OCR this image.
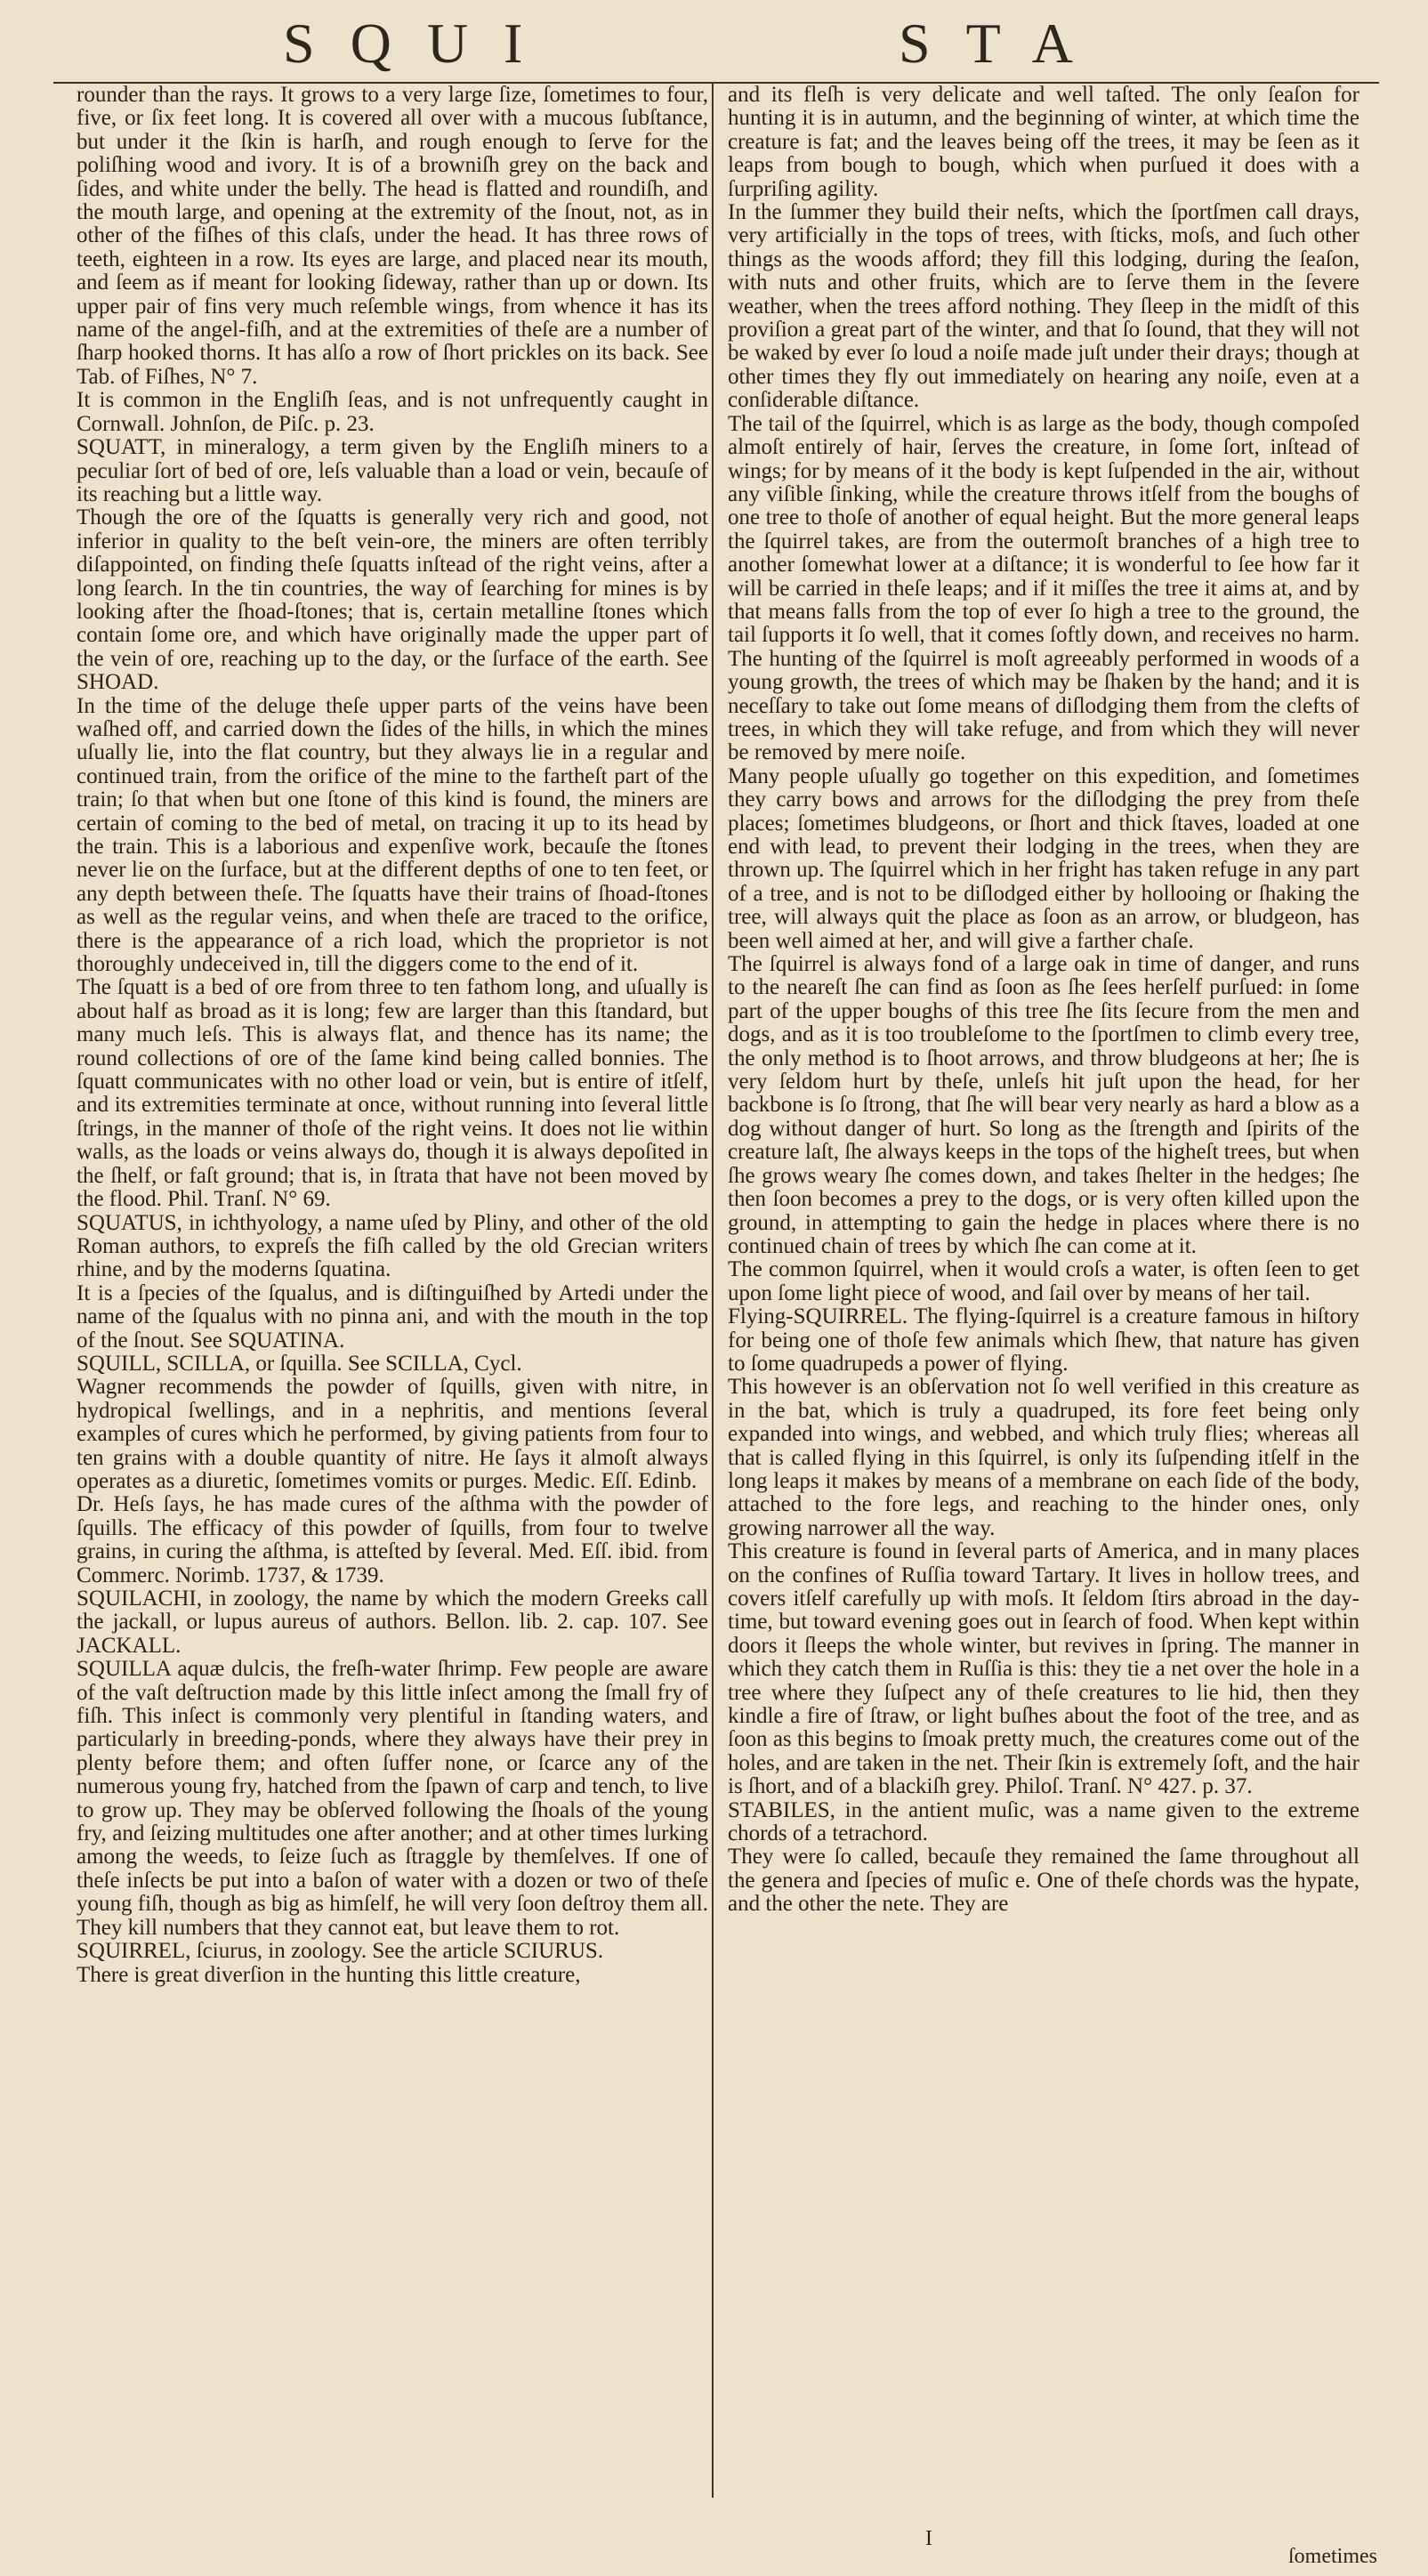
SQUI	STA

rounder than the rays. It grows to a very large ſize, ſometimes to four, five, or ſix feet long. It is covered all over with a mucous ſubſtance, but under it the ſkin is harſh, and rough enough to ſerve for the poliſhing wood and ivory. It is of a browniſh grey on the back and ſides, and white under the belly. The head is flatted and roundiſh, and the mouth large, and opening at the extremity of the ſnout, not, as in other of the fiſhes of this claſs, under the head. It has three rows of teeth, eighteen in a row. Its eyes are large, and placed near its mouth, and ſeem as if meant for looking ſideway, rather than up or down. Its upper pair of fins very much reſemble wings, from whence it has its name of the angel-fiſh, and at the extremities of theſe are a number of ſharp hooked thorns. It has alſo a row of ſhort prickles on its back. See Tab. of Fiſhes, N° 7.

It is common in the Engliſh ſeas, and is not unfrequently caught in Cornwall. Johnſon, de Piſc. p. 23.

SQUATT, in mineralogy, a term given by the Engliſh miners to a peculiar ſort of bed of ore, leſs valuable than a load or vein, becauſe of its reaching but a little way.

Though the ore of the ſquatts is generally very rich and good, not inferior in quality to the beſt vein-ore, the miners are often terribly diſappointed, on finding theſe ſquatts inſtead of the right veins, after a long ſearch. In the tin countries, the way of ſearching for mines is by looking after the ſhoad-ſtones; that is, certain metalline ſtones which contain ſome ore, and which have originally made the upper part of the vein of ore, reaching up to the day, or the ſurface of the earth. See SHOAD.

In the time of the deluge theſe upper parts of the veins have been waſhed off, and carried down the ſides of the hills, in which the mines uſually lie, into the flat country, but they always lie in a regular and continued train, from the orifice of the mine to the fartheſt part of the train; ſo that when but one ſtone of this kind is found, the miners are certain of coming to the bed of metal, on tracing it up to its head by the train. This is a laborious and expenſive work, becauſe the ſtones never lie on the ſurface, but at the different depths of one to ten feet, or any depth between theſe. The ſquatts have their trains of ſhoad-ſtones as well as the regular veins, and when theſe are traced to the orifice, there is the appearance of a rich load, which the proprietor is not thoroughly undeceived in, till the diggers come to the end of it.

The ſquatt is a bed of ore from three to ten fathom long, and uſually is about half as broad as it is long; few are larger than this ſtandard, but many much leſs. This is always flat, and thence has its name; the round collections of ore of the ſame kind being called bonnies. The ſquatt communicates with no other load or vein, but is entire of itſelf, and its extremities terminate at once, without running into ſeveral little ſtrings, in the manner of thoſe of the right veins. It does not lie within walls, as the loads or veins always do, though it is always depoſited in the ſhelf, or faſt ground; that is, in ſtrata that have not been moved by the flood. Phil. Tranſ. N° 69.

SQUATUS, in ichthyology, a name uſed by Pliny, and other of the old Roman authors, to expreſs the fiſh called by the old Grecian writers rhine, and by the moderns ſquatina.

It is a ſpecies of the ſqualus, and is diſtinguiſhed by Artedi under the name of the ſqualus with no pinna ani, and with the mouth in the top of the ſnout. See SQUATINA.

SQUILL, SCILLA, or ſquilla. See SCILLA, Cycl.

Wagner recommends the powder of ſquills, given with nitre, in hydropical ſwellings, and in a nephritis, and mentions ſeveral examples of cures which he performed, by giving patients from four to ten grains with a double quantity of nitre. He ſays it almoſt always operates as a diuretic, ſometimes vomits or purges. Medic. Eſſ. Edinb.

Dr. Heſs ſays, he has made cures of the aſthma with the powder of ſquills. The efficacy of this powder of ſquills, from four to twelve grains, in curing the aſthma, is atteſted by ſeveral. Med. Eſſ. ibid. from Commerc. Norimb. 1737, & 1739.

SQUILACHI, in zoology, the name by which the modern Greeks call the jackall, or lupus aureus of authors. Bellon. lib. 2. cap. 107. See JACKALL.

SQUILLA aquæ dulcis, the freſh-water ſhrimp. Few people are aware of the vaſt deſtruction made by this little inſect among the ſmall fry of fiſh. This inſect is commonly very plentiful in ſtanding waters, and particularly in breeding-ponds, where they always have their prey in plenty before them; and often ſuffer none, or ſcarce any of the numerous young fry, hatched from the ſpawn of carp and tench, to live to grow up. They may be obſerved following the ſhoals of the young fry, and ſeizing multitudes one after another; and at other times lurking among the weeds, to ſeize ſuch as ſtraggle by themſelves. If one of theſe inſects be put into a baſon of water with a dozen or two of theſe young fiſh, though as big as himſelf, he will very ſoon deſtroy them all. They kill numbers that they cannot eat, but leave them to rot.

SQUIRREL, ſciurus, in zoology. See the article SCIURUS.

There is great diverſion in the hunting this little creature,

and its fleſh is very delicate and well taſted. The only ſeaſon for hunting it is in autumn, and the beginning of winter, at which time the creature is fat; and the leaves being off the trees, it may be ſeen as it leaps from bough to bough, which when purſued it does with a ſurpriſing agility.

In the ſummer they build their neſts, which the ſportſmen call drays, very artificially in the tops of trees, with ſticks, moſs, and ſuch other things as the woods afford; they fill this lodging, during the ſeaſon, with nuts and other fruits, which are to ſerve them in the ſevere weather, when the trees afford nothing. They ſleep in the midſt of this proviſion a great part of the winter, and that ſo ſound, that they will not be waked by ever ſo loud a noiſe made juſt under their drays; though at other times they fly out immediately on hearing any noiſe, even at a conſiderable diſtance.

The tail of the ſquirrel, which is as large as the body, though compoſed almoſt entirely of hair, ſerves the creature, in ſome ſort, inſtead of wings; for by means of it the body is kept ſuſpended in the air, without any viſible ſinking, while the creature throws itſelf from the boughs of one tree to thoſe of another of equal height. But the more general leaps the ſquirrel takes, are from the outermoſt branches of a high tree to another ſomewhat lower at a diſtance; it is wonderful to ſee how far it will be carried in theſe leaps; and if it miſſes the tree it aims at, and by that means falls from the top of ever ſo high a tree to the ground, the tail ſupports it ſo well, that it comes ſoftly down, and receives no harm. The hunting of the ſquirrel is moſt agreeably performed in woods of a young growth, the trees of which may be ſhaken by the hand; and it is neceſſary to take out ſome means of diſlodging them from the clefts of trees, in which they will take refuge, and from which they will never be removed by mere noiſe.

Many people uſually go together on this expedition, and ſometimes they carry bows and arrows for the diſlodging the prey from theſe places; ſometimes bludgeons, or ſhort and thick ſtaves, loaded at one end with lead, to prevent their lodging in the trees, when they are thrown up. The ſquirrel which in her fright has taken refuge in any part of a tree, and is not to be diſlodged either by hollooing or ſhaking the tree, will always quit the place as ſoon as an arrow, or bludgeon, has been well aimed at her, and will give a farther chaſe.

The ſquirrel is always fond of a large oak in time of danger, and runs to the neareſt ſhe can find as ſoon as ſhe ſees herſelf purſued: in ſome part of the upper boughs of this tree ſhe ſits ſecure from the men and dogs, and as it is too troubleſome to the ſportſmen to climb every tree, the only method is to ſhoot arrows, and throw bludgeons at her; ſhe is very ſeldom hurt by theſe, unleſs hit juſt upon the head, for her backbone is ſo ſtrong, that ſhe will bear very nearly as hard a blow as a dog without danger of hurt. So long as the ſtrength and ſpirits of the creature laſt, ſhe always keeps in the tops of the higheſt trees, but when ſhe grows weary ſhe comes down, and takes ſhelter in the hedges; ſhe then ſoon becomes a prey to the dogs, or is very often killed upon the ground, in attempting to gain the hedge in places where there is no continued chain of trees by which ſhe can come at it.

The common ſquirrel, when it would croſs a water, is often ſeen to get upon ſome light piece of wood, and ſail over by means of her tail.

Flying-SQUIRREL. The flying-ſquirrel is a creature famous in hiſtory for being one of thoſe few animals which ſhew, that nature has given to ſome quadrupeds a power of flying.

This however is an obſervation not ſo well verified in this creature as in the bat, which is truly a quadruped, its fore feet being only expanded into wings, and webbed, and which truly flies; whereas all that is called flying in this ſquirrel, is only its ſuſpending itſelf in the long leaps it makes by means of a membrane on each ſide of the body, attached to the fore legs, and reaching to the hinder ones, only growing narrower all the way.

This creature is found in ſeveral parts of America, and in many places on the confines of Ruſſia toward Tartary. It lives in hollow trees, and covers itſelf carefully up with moſs. It ſeldom ſtirs abroad in the day-time, but toward evening goes out in ſearch of food. When kept within doors it ſleeps the whole winter, but revives in ſpring. The manner in which they catch them in Ruſſia is this: they tie a net over the hole in a tree where they ſuſpect any of theſe creatures to lie hid, then they kindle a fire of ſtraw, or light buſhes about the foot of the tree, and as ſoon as this begins to ſmoak pretty much, the creatures come out of the holes, and are taken in the net. Their ſkin is extremely ſoft, and the hair is ſhort, and of a blackiſh grey. Philoſ. Tranſ. N° 427. p. 37.

STABILES, in the antient muſic, was a name given to the extreme chords of a tetrachord.

They were ſo called, becauſe they remained the ſame throughout all the genera and ſpecies of muſic e. One of theſe chords was the hypate, and the other the nete. They are

I
ſometimes
